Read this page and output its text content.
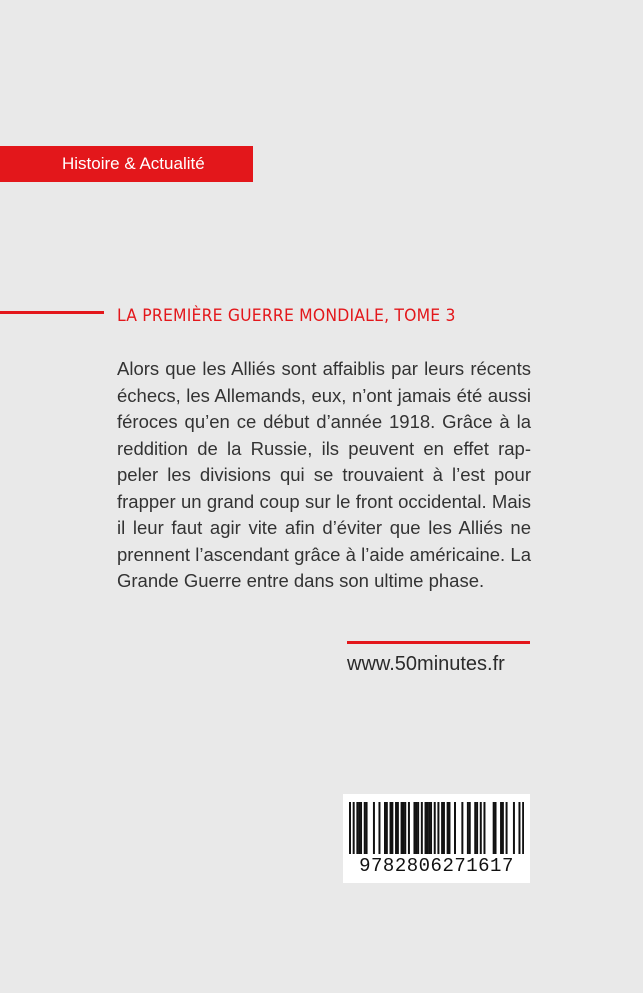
Histoire & Actualité
LA PREMIÈRE GUERRE MONDIALE, TOME 3
Alors que les Alliés sont affaiblis par leurs récents échecs, les Allemands, eux, n’ont jamais été aussi féroces qu’en ce début d’année 1918. Grâce à la reddition de la Russie, ils peuvent en effet rappeler les divisions qui se trouvaient à l’est pour frapper un grand coup sur le front occidental. Mais il leur faut agir vite afin d’éviter que les Alliés ne prennent l’ascendant grâce à l’aide américaine. La Grande Guerre entre dans son ultime phase.
www.50minutes.fr
9782806271617
